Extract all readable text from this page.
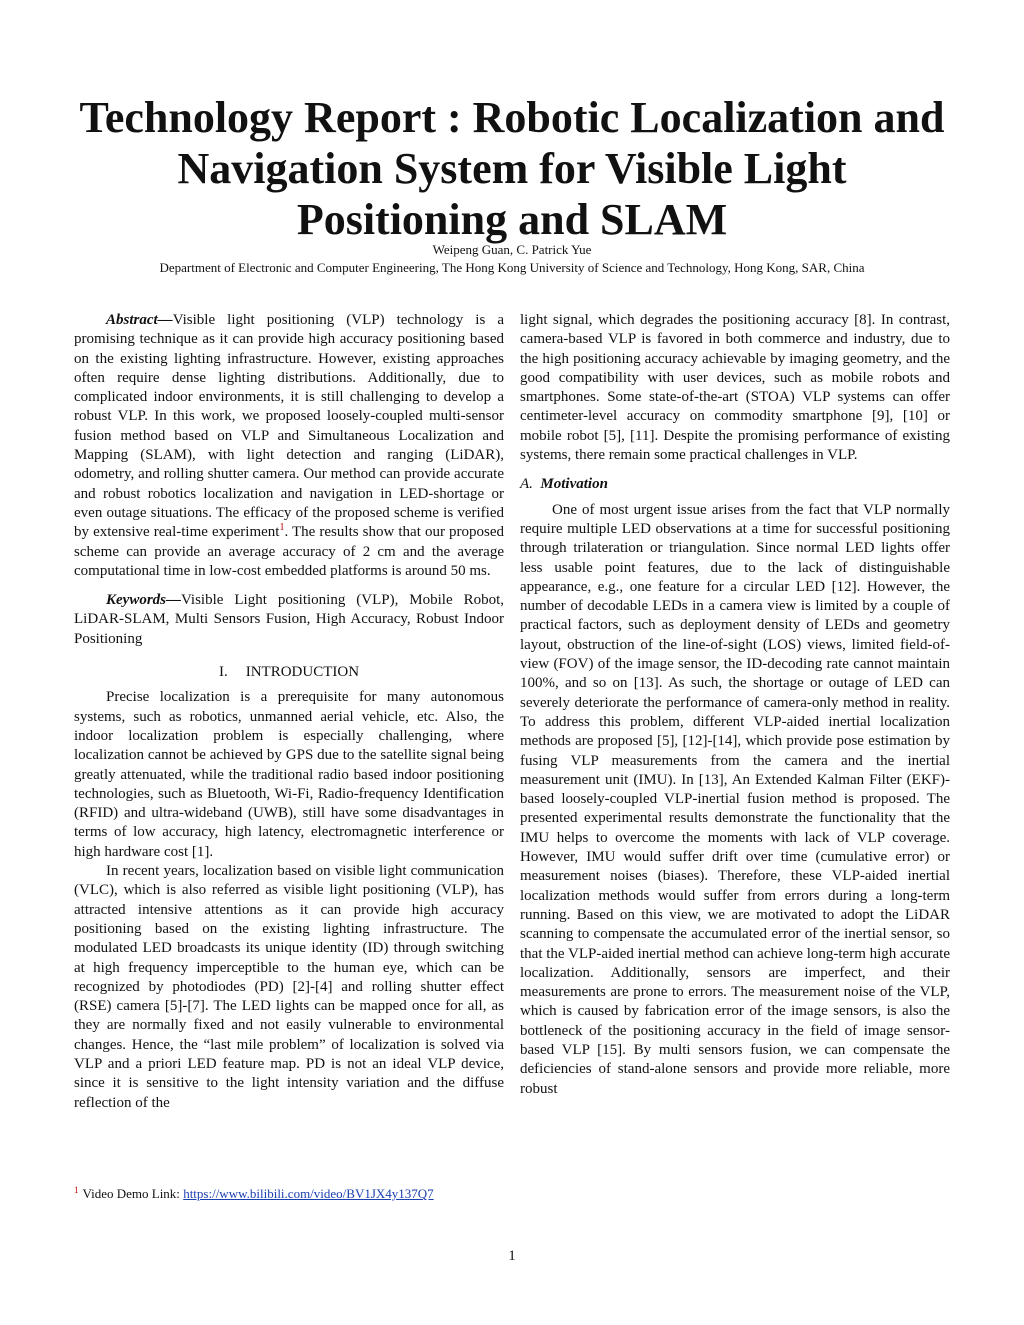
Technology Report : Robotic Localization and
Navigation System for Visible Light
Positioning and SLAM
Weipeng Guan, C. Patrick Yue
Department of Electronic and Computer Engineering, The Hong Kong University of Science and Technology, Hong Kong, SAR, China

Abstract—Visible light positioning (VLP) technology is a promising technique as it can provide high accuracy positioning based on the existing lighting infrastructure. However, existing approaches often require dense lighting distributions. Additionally, due to complicated indoor environments, it is still challenging to develop a robust VLP. In this work, we proposed loosely-coupled multi-sensor fusion method based on VLP and Simultaneous Localization and Mapping (SLAM), with light detection and ranging (LiDAR), odometry, and rolling shutter camera. Our method can provide accurate and robust robotics localization and navigation in LED-shortage or even outage situations. The efficacy of the proposed scheme is verified by extensive real-time experiment$^1$. The results show that our proposed scheme can provide an average accuracy of 2 cm and the average computational time in low-cost embedded platforms is around 50 ms.

Keywords—Visible Light positioning (VLP), Mobile Robot, LiDAR-SLAM, Multi Sensors Fusion, High Accuracy, Robust Indoor Positioning

I. INTRODUCTION

Precise localization is a prerequisite for many autonomous systems, such as robotics, unmanned aerial vehicle, etc. Also, the indoor localization problem is especially challenging, where localization cannot be achieved by GPS due to the satellite signal being greatly attenuated, while the traditional radio based indoor positioning technologies, such as Bluetooth, Wi-Fi, Radio-frequency Identification (RFID) and ultra-wideband (UWB), still have some disadvantages in terms of low accuracy, high latency, electromagnetic interference or high hardware cost [1].

In recent years, localization based on visible light communication (VLC), which is also referred as visible light positioning (VLP), has attracted intensive attentions as it can provide high accuracy positioning based on the existing lighting infrastructure. The modulated LED broadcasts its unique identity (ID) through switching at high frequency imperceptible to the human eye, which can be recognized by photodiodes (PD) [2]-[4] and rolling shutter effect (RSE) camera [5]-[7]. The LED lights can be mapped once for all, as they are normally fixed and not easily vulnerable to environmental changes. Hence, the “last mile problem” of localization is solved via VLP and a priori LED feature map. PD is not an ideal VLP device, since it is sensitive to the light intensity variation and the diffuse reflection of the

light signal, which degrades the positioning accuracy [8]. In contrast, camera-based VLP is favored in both commerce and industry, due to the high positioning accuracy achievable by imaging geometry, and the good compatibility with user devices, such as mobile robots and smartphones. Some state-of-the-art (STOA) VLP systems can offer centimeter-level accuracy on commodity smartphone [9], [10] or mobile robot [5], [11]. Despite the promising performance of existing systems, there remain some practical challenges in VLP.

A. Motivation

One of most urgent issue arises from the fact that VLP normally require multiple LED observations at a time for successful positioning through trilateration or triangulation. Since normal LED lights offer less usable point features, due to the lack of distinguishable appearance, e.g., one feature for a circular LED [12]. However, the number of decodable LEDs in a camera view is limited by a couple of practical factors, such as deployment density of LEDs and geometry layout, obstruction of the line-of-sight (LOS) views, limited field-of-view (FOV) of the image sensor, the ID-decoding rate cannot maintain 100%, and so on [13]. As such, the shortage or outage of LED can severely deteriorate the performance of camera-only method in reality. To address this problem, different VLP-aided inertial localization methods are proposed [5], [12]-[14], which provide pose estimation by fusing VLP measurements from the camera and the inertial measurement unit (IMU). In [13], An Extended Kalman Filter (EKF)-based loosely-coupled VLP-inertial fusion method is proposed. The presented experimental results demonstrate the functionality that the IMU helps to overcome the moments with lack of VLP coverage. However, IMU would suffer drift over time (cumulative error) or measurement noises (biases). Therefore, these VLP-aided inertial localization methods would suffer from errors during a long-term running. Based on this view, we are motivated to adopt the LiDAR scanning to compensate the accumulated error of the inertial sensor, so that the VLP-aided inertial method can achieve long-term high accurate localization. Additionally, sensors are imperfect, and their measurements are prone to errors. The measurement noise of the VLP, which is caused by fabrication error of the image sensors, is also the bottleneck of the positioning accuracy in the field of image sensor-based VLP [15]. By multi sensors fusion, we can compensate the deficiencies of stand-alone sensors and provide more reliable, more robust

$^1$ Video Demo Link: https://www.bilibili.com/video/BV1JX4y137Q7
1
